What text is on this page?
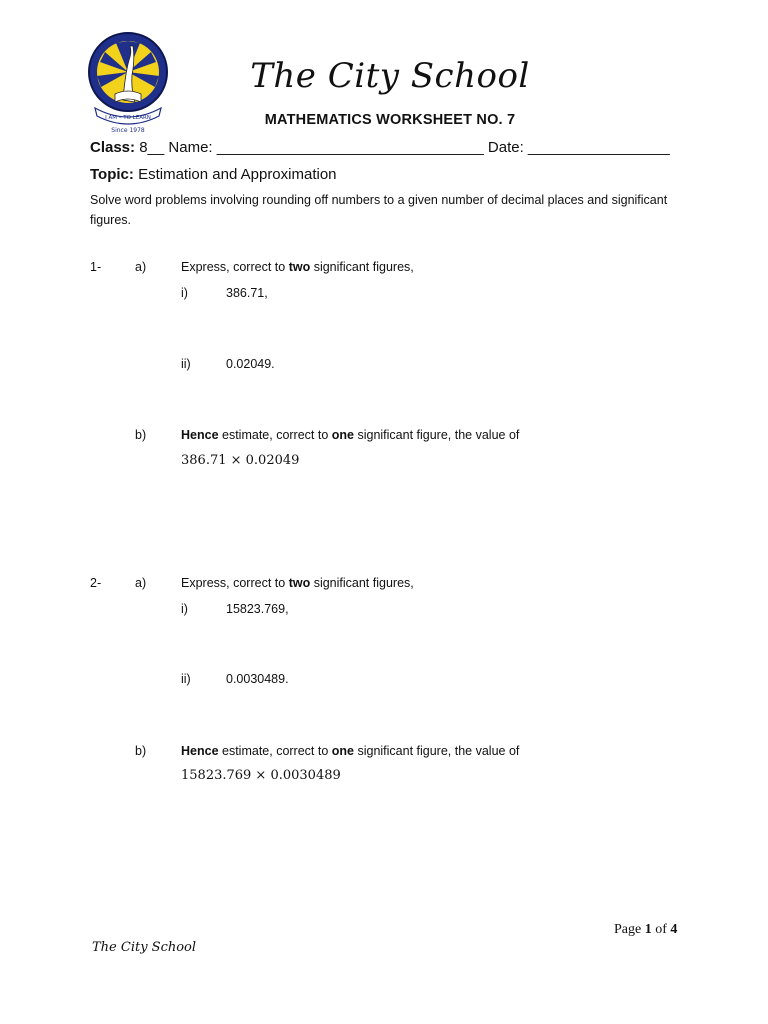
I AM – TO LEARN
Since 1978
The City School
MATHEMATICS WORKSHEET NO. 7
Class: 8__ Name: ________________________________ Date: _________________
Topic: Estimation and Approximation
Solve word problems involving rounding off numbers to a given number of decimal places and significant figures.
1-	a)	Express, correct to two significant figures,
i)	386.71,
ii)	0.02049.
b)	Hence estimate, correct to one significant figure, the value of
386.71 × 0.02049
2-	a)	Express, correct to two significant figures,
i)	15823.769,
ii)	0.0030489.
b)	Hence estimate, correct to one significant figure, the value of
15823.769 × 0.0030489
Page 1 of 4
The City School
